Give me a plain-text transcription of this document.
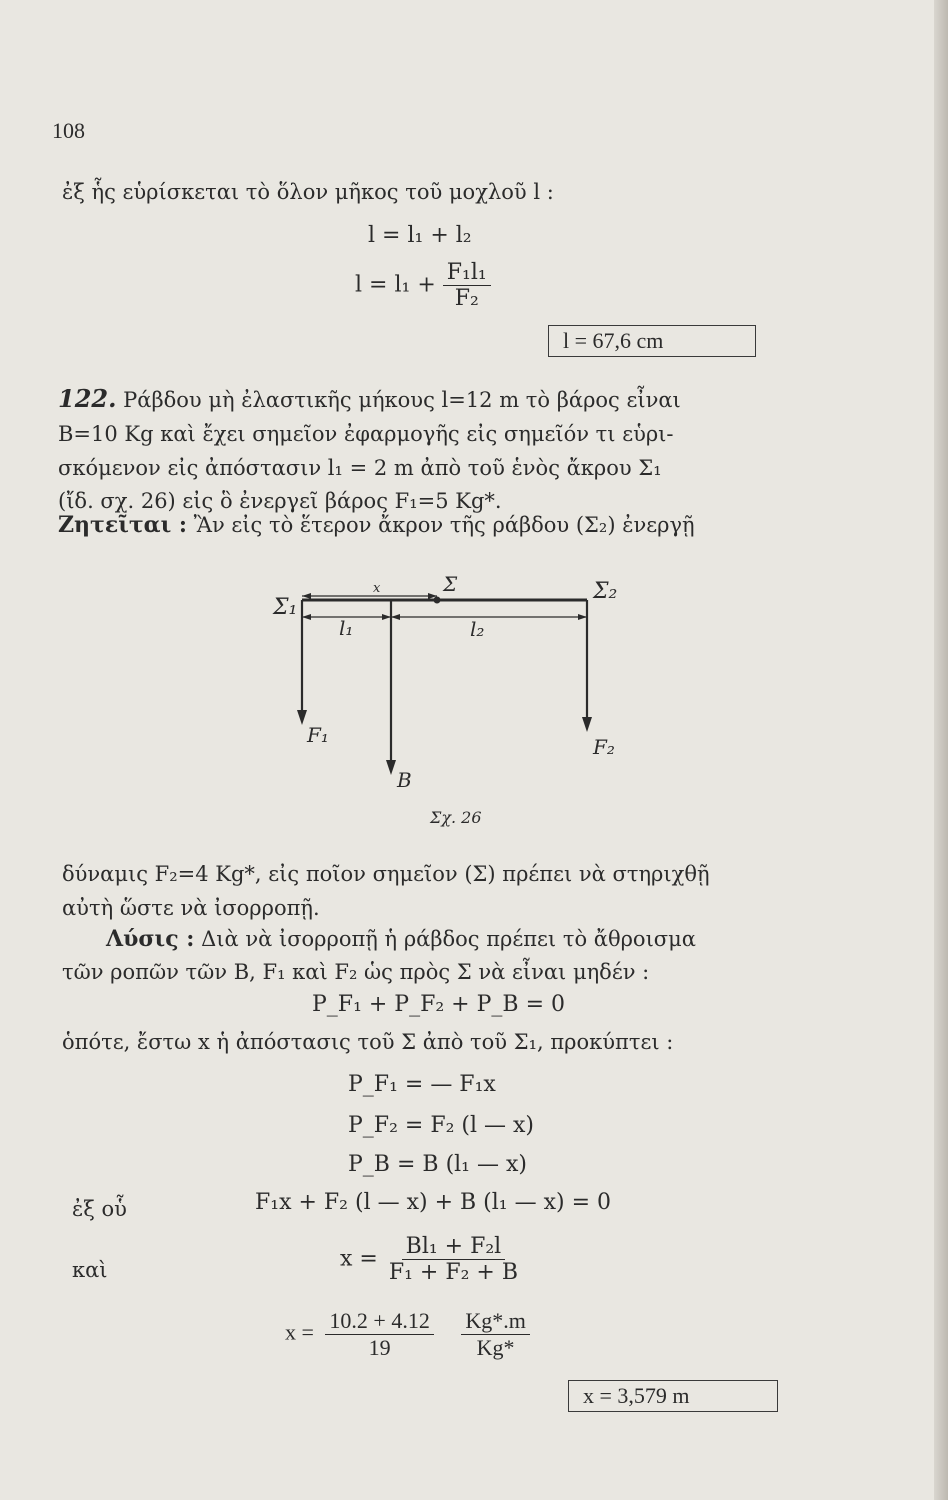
108
ἐξ ἧς εὑρίσκεται τὸ ὅλον μῆκος τοῦ μοχλοῦ l :
l = l₁ + l₂
$l = l_1 + \frac{\text{F₁l₁}}{\text{F₂}}$
l = 67,6 cm
122. Ράβδου μὴ ἐλαστικῆς μήκους l=12 m τὸ βάρος εἶναι
B=10 Kg καὶ ἔχει σημεῖον ἐφαρμογῆς εἰς σημεῖόν τι εὑρι-
σκόμενον εἰς ἀπόστασιν l₁ = 2 m ἀπὸ τοῦ ἑνὸς ἄκρου Σ₁
(ἴδ. σχ. 26) εἰς ὃ ἐνεργεῖ βάρος F₁=5 Kg*.
Ζητεῖται : Ἂν εἰς τὸ ἕτερον ἄκρον τῆς ράβδου (Σ₂) ἐνεργῇ
Σ₁
Σ	Σ₂
x
l₁	l₂
F₁
B
F₂
Σχ. 26
δύναμις F₂=4 Kg*, εἰς ποῖον σημεῖον (Σ) πρέπει νὰ στηριχθῇ
αὐτὴ ὥστε νὰ ἰσορροπῇ.
Λύσις : Διὰ νὰ ἰσορροπῇ ἡ ράβδος πρέπει τὸ ἄθροισμα
τῶν ροπῶν τῶν B, F₁ καὶ F₂ ὡς πρὸς Σ νὰ εἶναι μηδέν :
P_F₁ + P_F₂ + P_B = 0
ὁπότε, ἔστω x ἡ ἀπόστασις τοῦ Σ ἀπὸ τοῦ Σ₁, προκύπτει :
P_F₁ = — F₁x
P_F₂ = F₂ (l — x)
P_B = B (l₁ — x)
ἐξ οὗ	F₁x + F₂ (l — x) + B (l₁ — x) = 0
καὶ	$x = \frac{\text{Bl₁ + F₂l}}{\text{F₁ + F₂ + B}}$
$x = \frac{10.2 + 4.12}{19}$
$\frac{Kg*.m}{Kg*}$
x = 3,579 m
